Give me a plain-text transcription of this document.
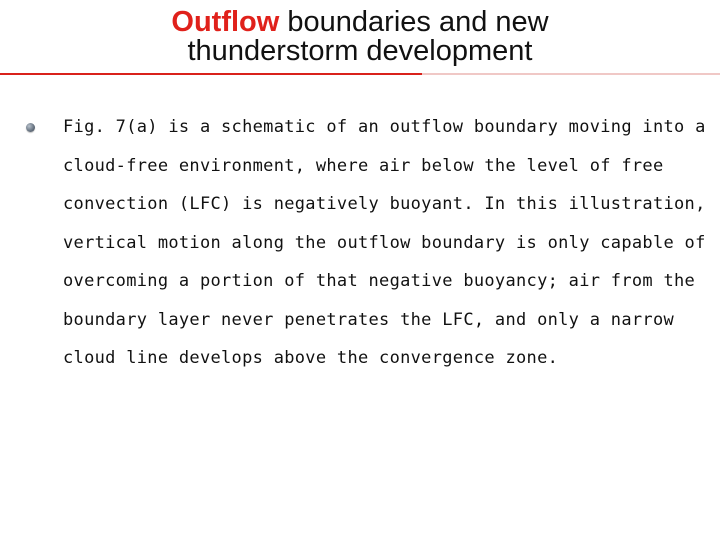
Outflow boundaries and new
thunderstorm development

Fig. 7(a) is a schematic of an outflow boundary moving into a
cloud-free environment, where air below the level of free
convection (LFC) is negatively buoyant. In this illustration,
vertical motion along the outflow boundary is only capable of
overcoming a portion of that negative buoyancy; air from the
boundary layer never penetrates the LFC, and only a narrow
cloud line develops above the convergence zone.
